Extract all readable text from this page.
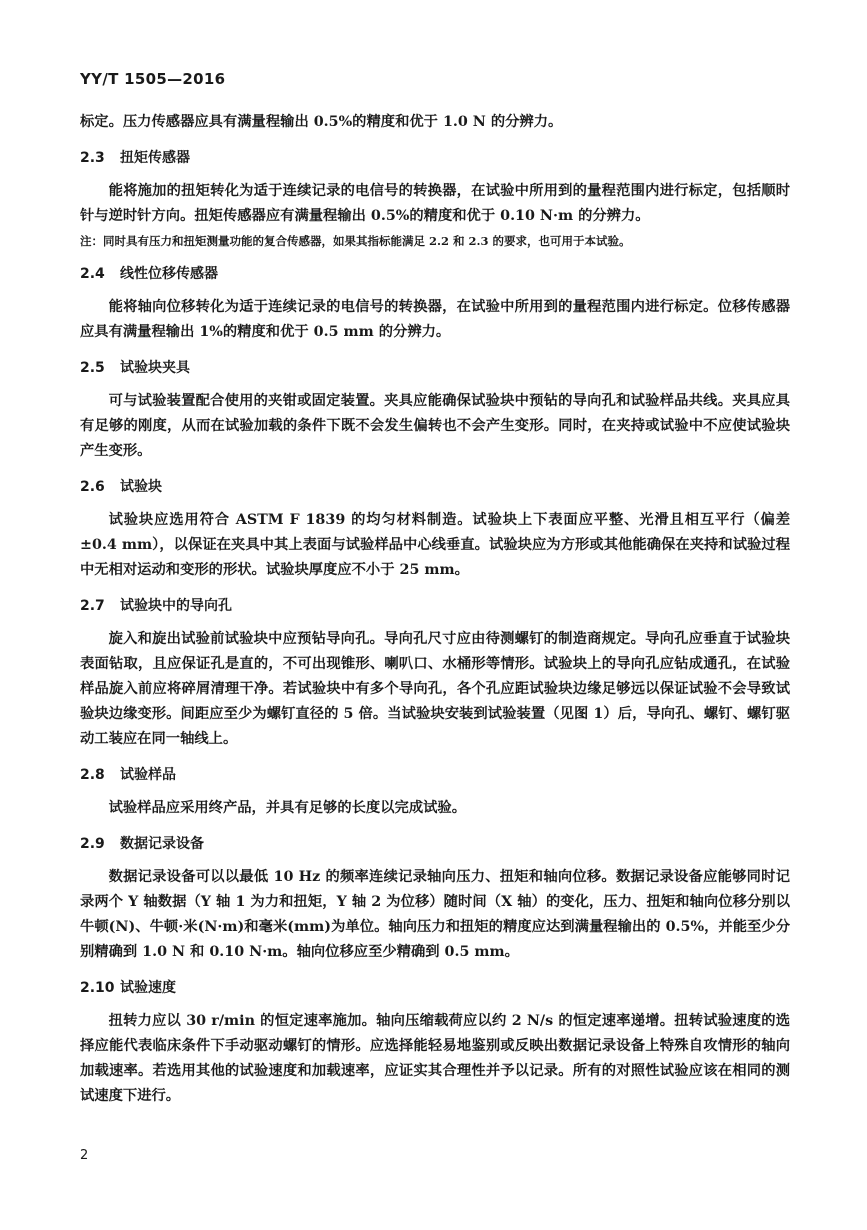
YY/T 1505—2016

标定。压力传感器应具有满量程输出 0.5%的精度和优于 1.0 N 的分辨力。

2.3 扭矩传感器

能将施加的扭矩转化为适于连续记录的电信号的转换器，在试验中所用到的量程范围内进行标定，包括顺时针与逆时针方向。扭矩传感器应有满量程输出 0.5%的精度和优于 0.10 N·m 的分辨力。

注：同时具有压力和扭矩测量功能的复合传感器，如果其指标能满足 2.2 和 2.3 的要求，也可用于本试验。

2.4 线性位移传感器

能将轴向位移转化为适于连续记录的电信号的转换器，在试验中所用到的量程范围内进行标定。位移传感器应具有满量程输出 1%的精度和优于 0.5 mm 的分辨力。

2.5 试验块夹具

可与试验装置配合使用的夹钳或固定装置。夹具应能确保试验块中预钻的导向孔和试验样品共线。夹具应具有足够的刚度，从而在试验加载的条件下既不会发生偏转也不会产生变形。同时，在夹持或试验中不应使试验块产生变形。

2.6 试验块

试验块应选用符合 ASTM F 1839 的均匀材料制造。试验块上下表面应平整、光滑且相互平行（偏差±0.4 mm），以保证在夹具中其上表面与试验样品中心线垂直。试验块应为方形或其他能确保在夹持和试验过程中无相对运动和变形的形状。试验块厚度应不小于 25 mm。

2.7 试验块中的导向孔

旋入和旋出试验前试验块中应预钻导向孔。导向孔尺寸应由待测螺钉的制造商规定。导向孔应垂直于试验块表面钻取，且应保证孔是直的，不可出现锥形、喇叭口、水桶形等情形。试验块上的导向孔应钻成通孔，在试验样品旋入前应将碎屑清理干净。若试验块中有多个导向孔，各个孔应距试验块边缘足够远以保证试验不会导致试验块边缘变形。间距应至少为螺钉直径的 5 倍。当试验块安装到试验装置（见图 1）后，导向孔、螺钉、螺钉驱动工装应在同一轴线上。

2.8 试验样品

试验样品应采用终产品，并具有足够的长度以完成试验。

2.9 数据记录设备

数据记录设备可以以最低 10 Hz 的频率连续记录轴向压力、扭矩和轴向位移。数据记录设备应能够同时记录两个 Y 轴数据（Y 轴 1 为力和扭矩，Y 轴 2 为位移）随时间（X 轴）的变化，压力、扭矩和轴向位移分别以牛顿(N)、牛顿·米(N·m)和毫米(mm)为单位。轴向压力和扭矩的精度应达到满量程输出的 0.5%，并能至少分别精确到 1.0 N 和 0.10 N·m。轴向位移应至少精确到 0.5 mm。

2.10 试验速度

扭转力应以 30 r/min 的恒定速率施加。轴向压缩载荷应以约 2 N/s 的恒定速率递增。扭转试验速度的选择应能代表临床条件下手动驱动螺钉的情形。应选择能轻易地鉴别或反映出数据记录设备上特殊自攻情形的轴向加载速率。若选用其他的试验速度和加载速率，应证实其合理性并予以记录。所有的对照性试验应该在相同的测试速度下进行。

2
